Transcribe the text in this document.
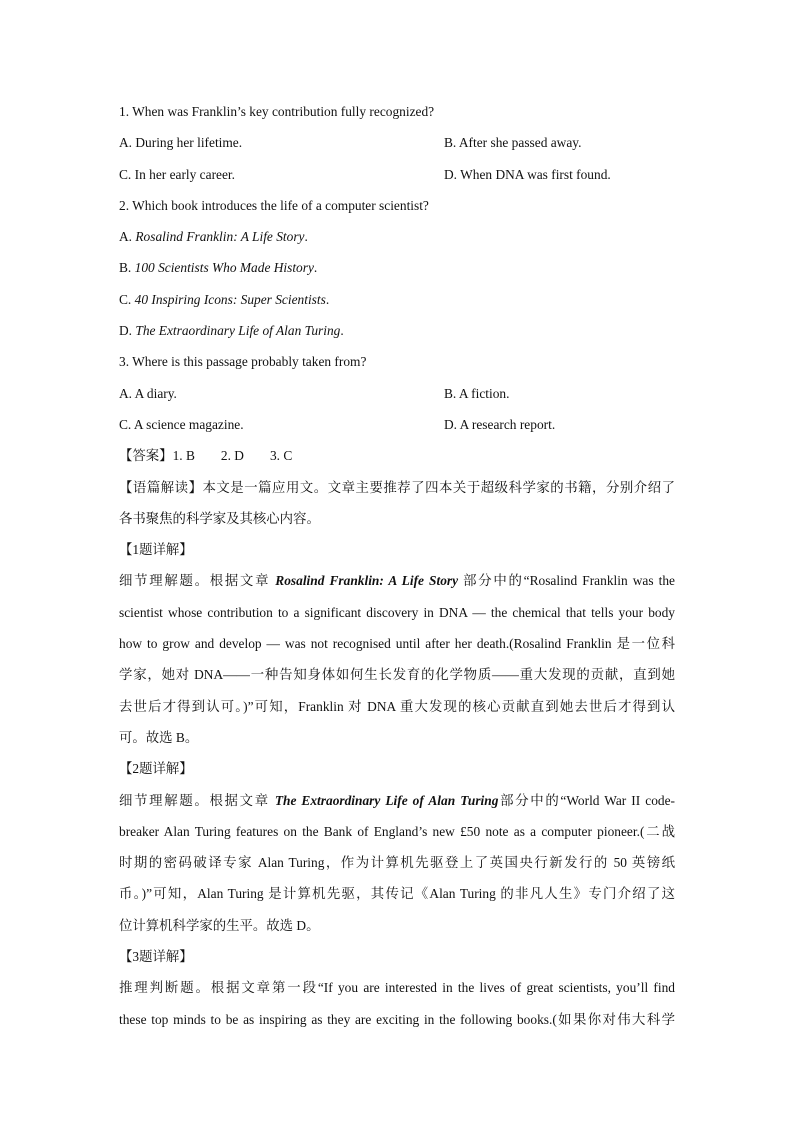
1. When was Franklin’s key contribution fully recognized?
A. During her lifetime.	B. After she passed away.
C. In her early career.	D. When DNA was first found.
2. Which book introduces the life of a computer scientist?
A. Rosalind Franklin: A Life Story.
B. 100 Scientists Who Made History.
C. 40 Inspiring Icons: Super Scientists.
D. The Extraordinary Life of Alan Turing.
3. Where is this passage probably taken from?
A. A diary.	B. A fiction.
C. A science magazine.	D. A research report.
【答案】1. B 2. D 3. C
【语篇解读】本文是一篇应用文。文章主要推荐了四本关于超级科学家的书籍，分别介绍了
各书聚焦的科学家及其核心内容。
【1题详解】
细节理解题。根据文章 Rosalind Franklin: A Life Story 部分中的“Rosalind Franklin was the
scientist whose contribution to a significant discovery in DNA — the chemical that tells your body
how to grow and develop — was not recognised until after her death.(Rosalind Franklin 是一位科
学家，她对 DNA——一种告知身体如何生长发育的化学物质——重大发现的贡献，直到她
去世后才得到认可。)”可知，Franklin 对 DNA 重大发现的核心贡献直到她去世后才得到认
可。故选 B。
【2题详解】
细节理解题。根据文章 The Extraordinary Life of Alan Turing部分中的“World War II code-
breaker Alan Turing features on the Bank of England’s new £50 note as a computer pioneer.(二战
时期的密码破译专家 Alan Turing，作为计算机先驱登上了英国央行新发行的 50 英镑纸
币。)”可知，Alan Turing 是计算机先驱，其传记《Alan Turing 的非凡人生》专门介绍了这
位计算机科学家的生平。故选 D。
【3题详解】
推理判断题。根据文章第一段“If you are interested in the lives of great scientists, you’ll find
these top minds to be as inspiring as they are exciting in the following books.(如果你对伟大科学
